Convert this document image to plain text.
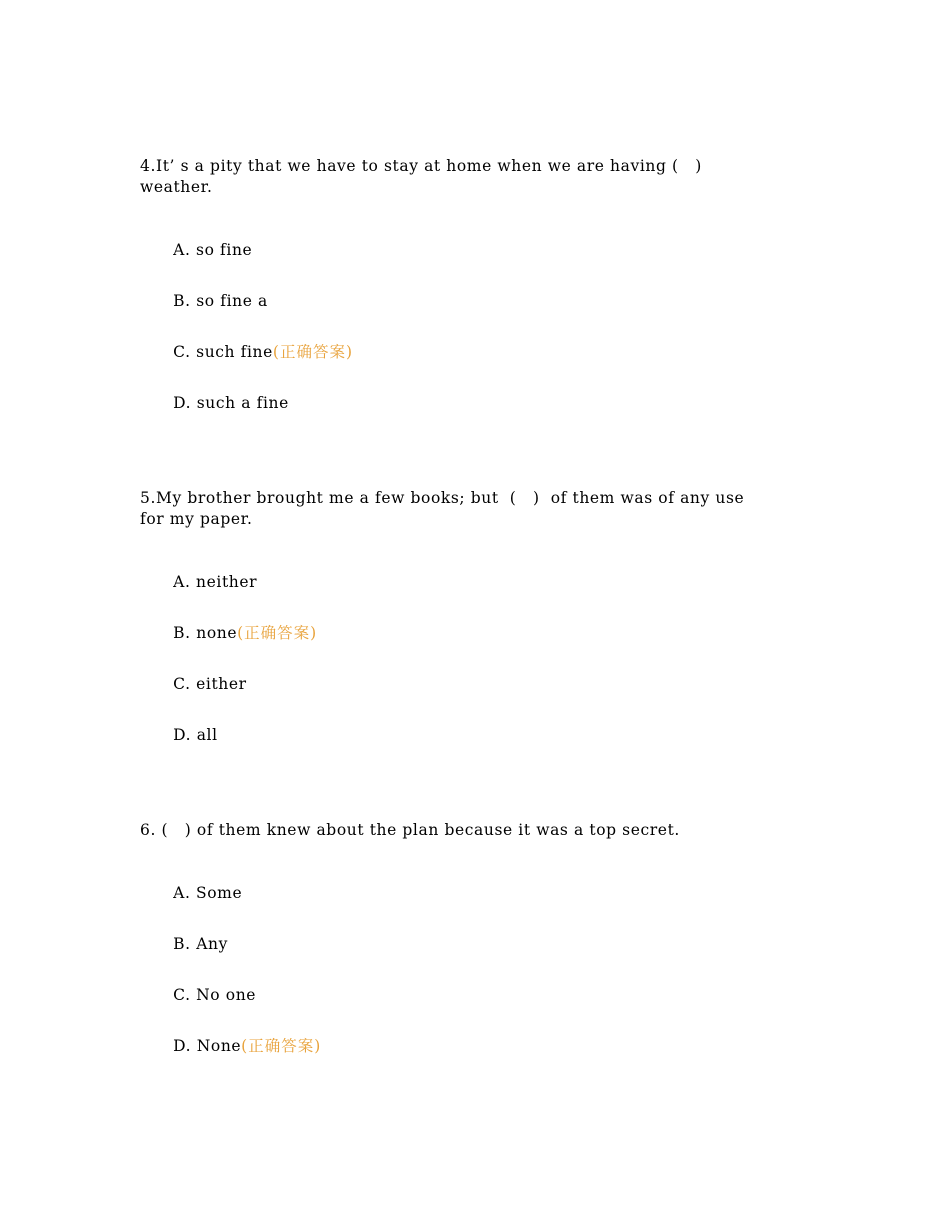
4.It’ s a pity that we have to stay at home when we are having (   )
weather.

A. so fine

B. so fine a

C. such fine(正确答案)

D. such a fine

5.My brother brought me a few books; but  (   )  of them was of any use
for my paper.

A. neither

B. none(正确答案)

C. either

D. all

6. (   ) of them knew about the plan because it was a top secret.

A. Some

B. Any

C. No one

D. None(正确答案)
